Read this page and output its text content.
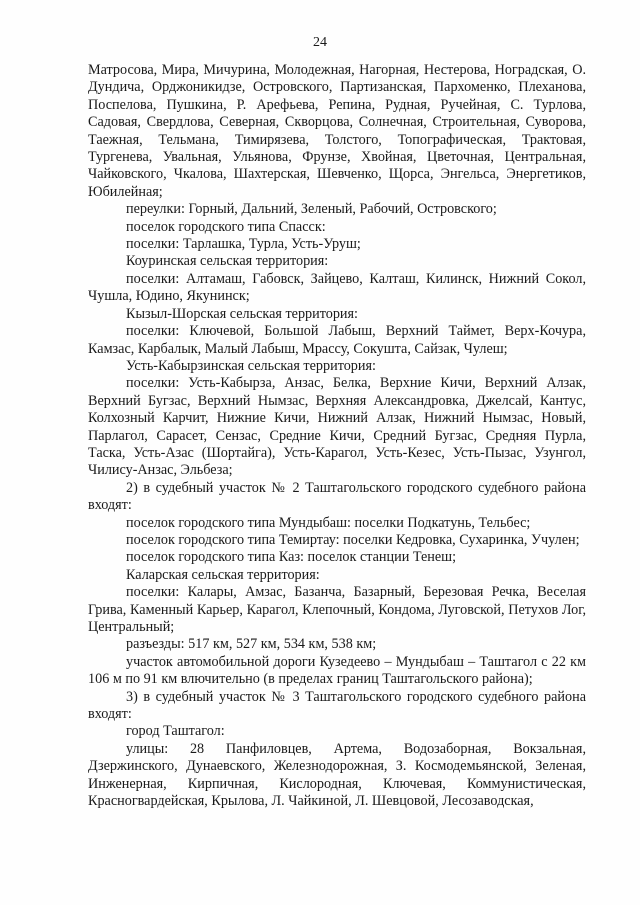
24

Матросова, Мира, Мичурина, Молодежная, Нагорная, Нестерова, Ноградская, О. Дундича, Орджоникидзе, Островского, Партизанская, Пархоменко, Плеханова, Поспелова, Пушкина, Р. Арефьева, Репина, Рудная, Ручейная, С. Турлова, Садовая, Свердлова, Северная, Скворцова, Солнечная, Строительная, Суворова, Таежная, Тельмана, Тимирязева, Толстого, Топографическая, Трактовая, Тургенева, Увальная, Ульянова, Фрунзе, Хвойная, Цветочная, Центральная, Чайковского, Чкалова, Шахтерская, Шевченко, Щорса, Энгельса, Энергетиков, Юбилейная;

переулки: Горный, Дальний, Зеленый, Рабочий, Островского;

поселок городского типа Спасск:

поселки: Тарлашка, Турла, Усть-Уруш;

Коуринская сельская территория:

поселки: Алтамаш, Габовск, Зайцево, Калташ, Килинск, Нижний Сокол, Чушла, Юдино, Якунинск;

Кызыл-Шорская сельская территория:

поселки: Ключевой, Большой Лабыш, Верхний Таймет, Верх-Кочура, Камзас, Карбалык, Малый Лабыш, Мрассу, Сокушта, Сайзак, Чулеш;

Усть-Кабырзинская сельская территория:

поселки: Усть-Кабырза, Анзас, Белка, Верхние Кичи, Верхний Алзак, Верхний Бугзас, Верхний Нымзас, Верхняя Александровка, Джелсай, Кантус, Колхозный Карчит, Нижние Кичи, Нижний Алзак, Нижний Нымзас, Новый, Парлагол, Сарасет, Сензас, Средние Кичи, Средний Бугзас, Средняя Пурла, Таска, Усть-Азас (Шортайга), Усть-Карагол, Усть-Кезес, Усть-Пызас, Узунгол, Чилису-Анзас, Эльбеза;

2) в судебный участок № 2 Таштагольского городского судебного района входят:

поселок городского типа Мундыбаш: поселки Подкатунь, Тельбес;

поселок городского типа Темиртау: поселки Кедровка, Сухаринка, Учулен;

поселок городского типа Каз: поселок станции Тенеш;

Каларская сельская территория:

поселки: Калары, Амзас, Базанча, Базарный, Березовая Речка, Веселая Грива, Каменный Карьер, Карагол, Клепочный, Кондома, Луговской, Петухов Лог, Центральный;

разъезды: 517 км, 527 км, 534 км, 538 км;

участок автомобильной дороги Кузедеево – Мундыбаш – Таштагол с 22 км 106 м по 91 км влючительно (в пределах границ Таштагольского района);

3) в судебный участок № 3 Таштагольского городского судебного района входят:

город Таштагол:

улицы: 28 Панфиловцев, Артема, Водозаборная, Вокзальная, Дзержинского, Дунаевского, Железнодорожная, З. Космодемьянской, Зеленая, Инженерная, Кирпичная, Кислородная, Ключевая, Коммунистическая, Красногвардейская, Крылова, Л. Чайкиной, Л. Шевцовой, Лесозаводская,
